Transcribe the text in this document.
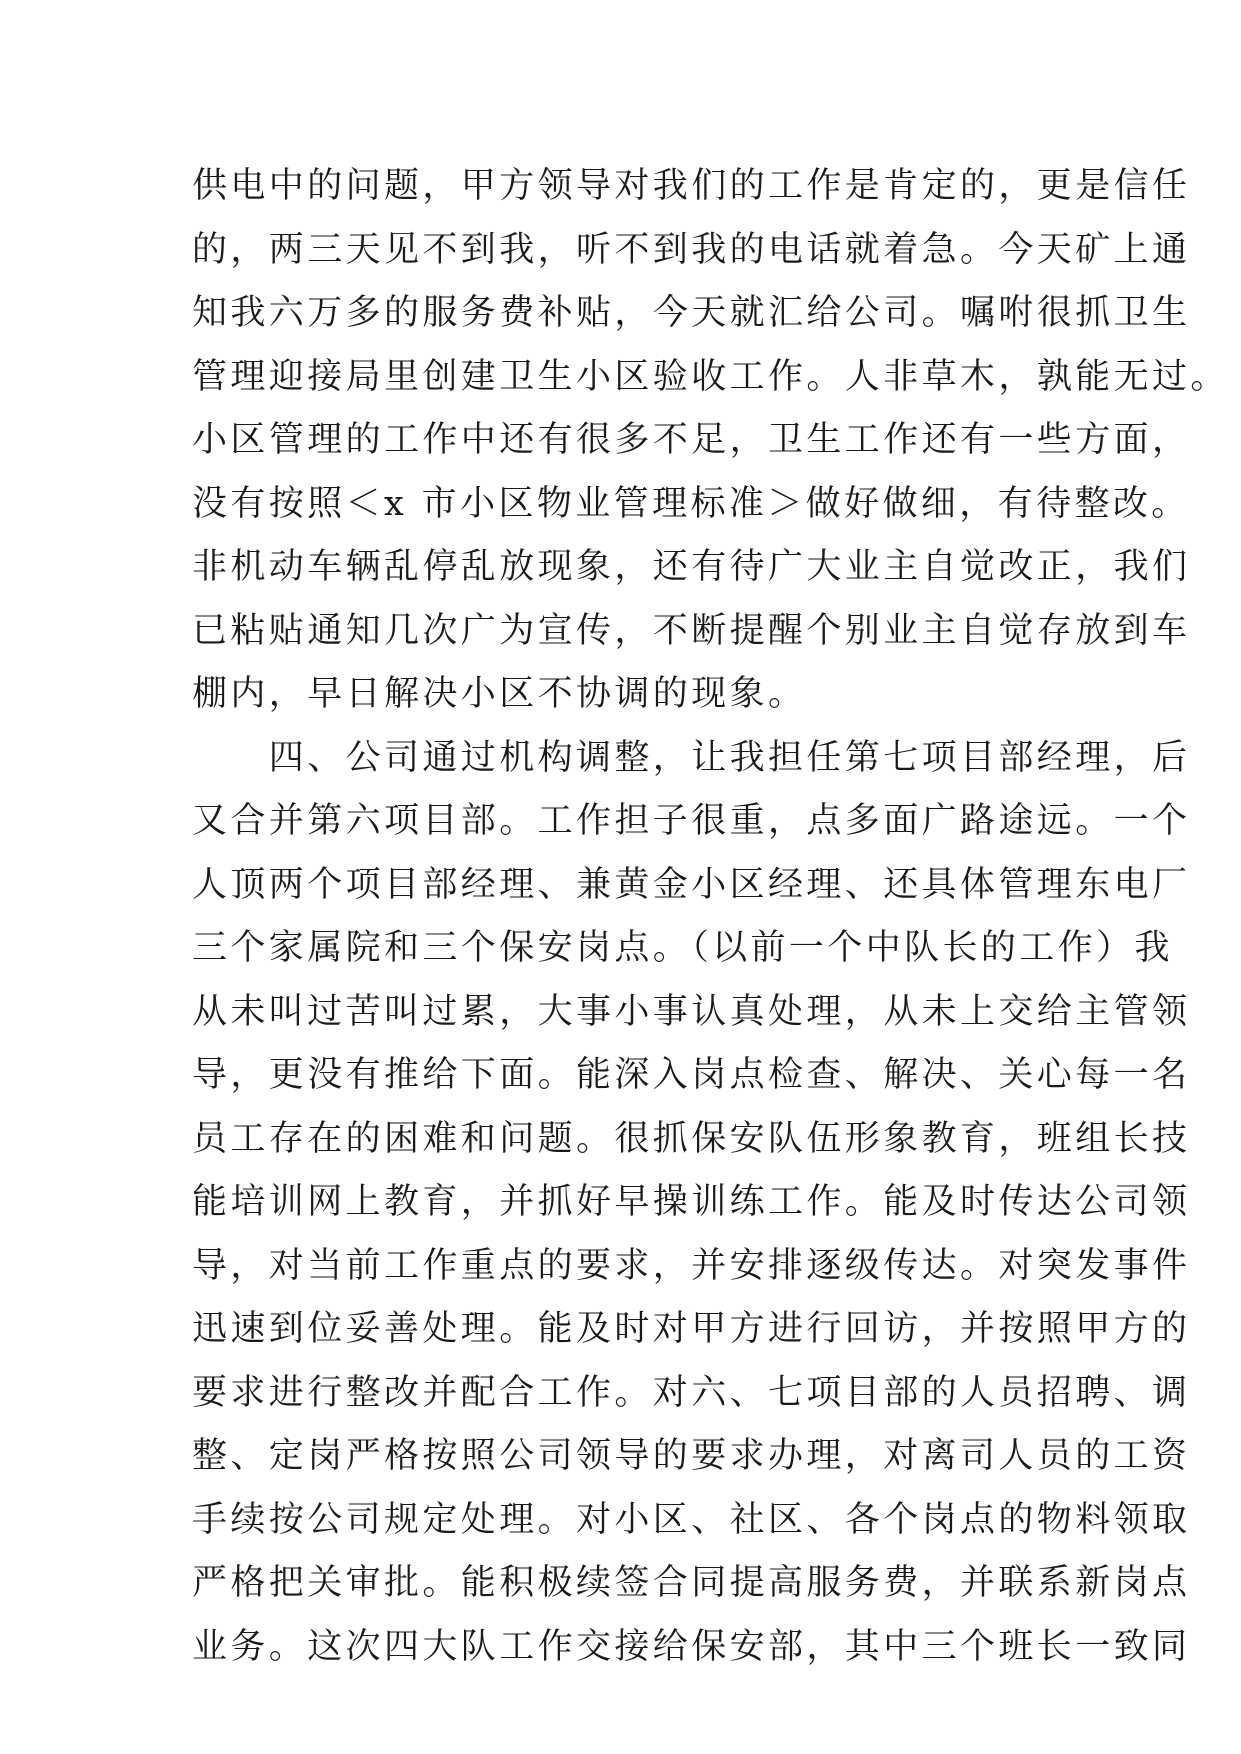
供电中的问题，甲方领导对我们的工作是肯定的，更是信任
的，两三天见不到我，听不到我的电话就着急。今天矿上通
知我六万多的服务费补贴，今天就汇给公司。嘱咐很抓卫生
管理迎接局里创建卫生小区验收工作。人非草木，孰能无过。
小区管理的工作中还有很多不足，卫生工作还有一些方面，
没有按照＜x 市小区物业管理标准＞做好做细，有待整改。
非机动车辆乱停乱放现象，还有待广大业主自觉改正，我们
已粘贴通知几次广为宣传，不断提醒个别业主自觉存放到车
棚内，早日解决小区不协调的现象。
　　四、公司通过机构调整，让我担任第七项目部经理，后
又合并第六项目部。工作担子很重，点多面广路途远。一个
人顶两个项目部经理、兼黄金小区经理、还具体管理东电厂
三个家属院和三个保安岗点。（以前一个中队长的工作）我
从未叫过苦叫过累，大事小事认真处理，从未上交给主管领
导，更没有推给下面。能深入岗点检查、解决、关心每一名
员工存在的困难和问题。很抓保安队伍形象教育，班组长技
能培训网上教育，并抓好早操训练工作。能及时传达公司领
导，对当前工作重点的要求，并安排逐级传达。对突发事件
迅速到位妥善处理。能及时对甲方进行回访，并按照甲方的
要求进行整改并配合工作。对六、七项目部的人员招聘、调
整、定岗严格按照公司领导的要求办理，对离司人员的工资
手续按公司规定处理。对小区、社区、各个岗点的物料领取
严格把关审批。能积极续签合同提高服务费，并联系新岗点
业务。这次四大队工作交接给保安部，其中三个班长一致同
